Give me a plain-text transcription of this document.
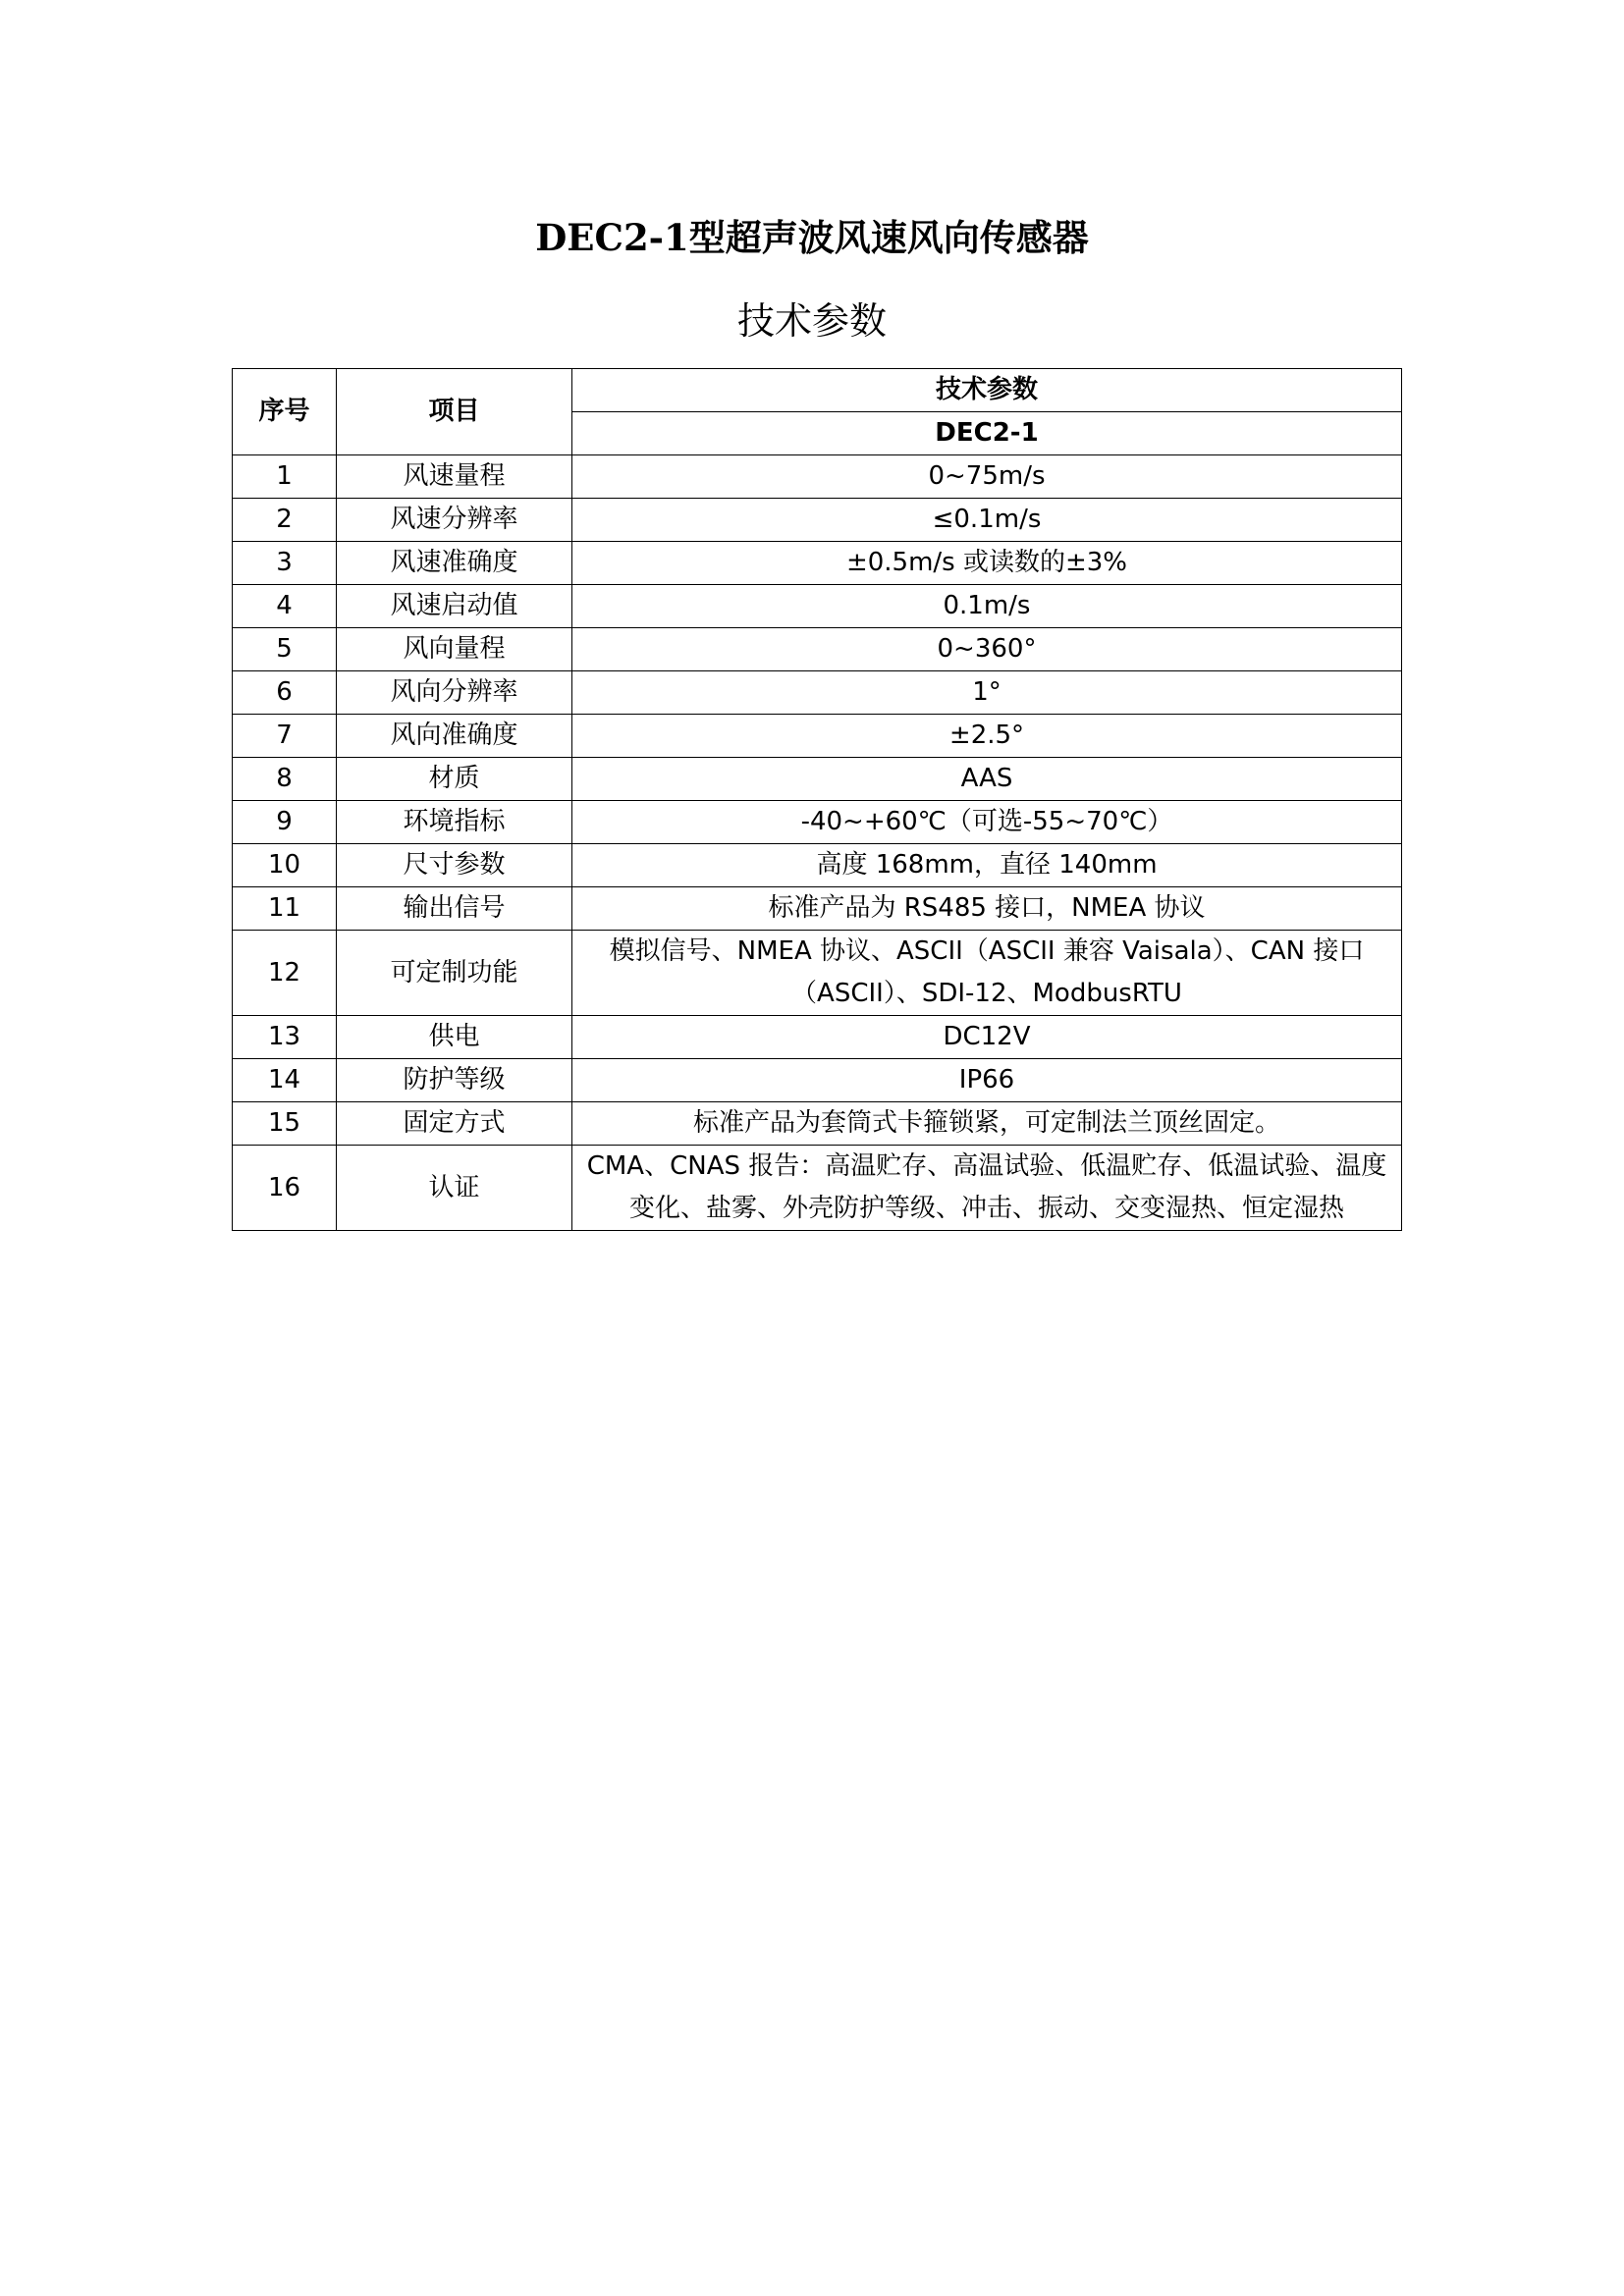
DEC2-1型超声波风速风向传感器
技术参数
序号	项目	技术参数
		DEC2-1
1	风速量程	0~75m/s
2	风速分辨率	≤0.1m/s
3	风速准确度	±0.5m/s 或读数的±3%
4	风速启动值	0.1m/s
5	风向量程	0~360°
6	风向分辨率	1°
7	风向准确度	±2.5°
8	材质	AAS
9	环境指标	-40~+60℃（可选-55~70℃）
10	尺寸参数	高度 168mm，直径 140mm
11	输出信号	标准产品为 RS485 接口，NMEA 协议
12	可定制功能	模拟信号、NMEA 协议、ASCII（ASCII 兼容 Vaisala）、CAN 接口（ASCII）、SDI-12、ModbusRTU
13	供电	DC12V
14	防护等级	IP66
15	固定方式	标准产品为套筒式卡箍锁紧，可定制法兰顶丝固定。
16	认证	CMA、CNAS 报告：高温贮存、高温试验、低温贮存、低温试验、温度变化、盐雾、外壳防护等级、冲击、振动、交变湿热、恒定湿热
